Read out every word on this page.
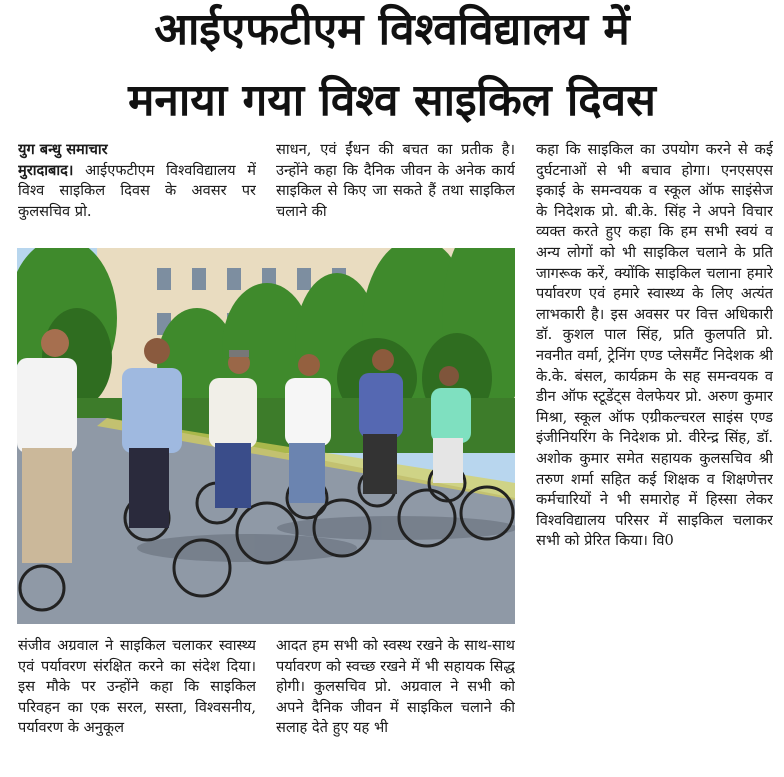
आईएफटीएम विश्वविद्यालय में
मनाया गया विश्व साइकिल दिवस

युग बन्धु समाचार
मुरादाबाद। आईएफटीएम विश्वविद्यालय में विश्व साइकिल दिवस के अवसर पर कुलसचिव प्रो.

साधन, एवं ईंधन की बचत का प्रतीक है। उन्होंने कहा कि दैनिक जीवन के अनेक कार्य साइकिल से किए जा सकते हैं तथा साइकिल चलाने की

कहा कि साइकिल का उपयोग करने से कई दुर्घटनाओं से भी बचाव होगा। एनएसएस इकाई के समन्वयक व स्कूल ऑफ साइंसेज के निदेशक प्रो. बी.के. सिंह ने अपने विचार व्यक्त करते हुए कहा कि हम सभी स्वयं व अन्य लोगों को भी साइकिल चलाने के प्रति जागरूक करें, क्योंकि साइकिल चलाना हमारे पर्यावरण एवं हमारे स्वास्थ्य के लिए अत्यंत लाभकारी है। इस अवसर पर वित्त अधिकारी डॉ. कुशल पाल सिंह, प्रति कुलपति प्रो. नवनीत वर्मा, ट्रेनिंग एण्ड प्लेसमैंट निदेशक श्री के.के. बंसल, कार्यक्रम के सह समन्वयक व डीन ऑफ स्टूडेंट्स वेलफेयर प्रो. अरुण कुमार मिश्रा, स्कूल ऑफ एग्रीकल्चरल साइंस एण्ड इंजीनियरिंग के निदेशक प्रो. वीरेन्द्र सिंह, डॉ. अशोक कुमार समेत सहायक कुलसचिव श्री तरुण शर्मा सहित कई शिक्षक व शिक्षणेत्तर कर्मचारियों ने भी समारोह में हिस्सा लेकर विश्वविद्यालय परिसर में साइकिल चलाकर सभी को प्रेरित किया। वि0

संजीव अग्रवाल ने साइकिल चलाकर स्वास्थ्य एवं पर्यावरण संरक्षित करने का संदेश दिया। इस मौके पर उन्होंने कहा कि साइकिल परिवहन का एक सरल, सस्ता, विश्वसनीय, पर्यावरण के अनुकूल

आदत हम सभी को स्वस्थ रखने के साथ-साथ पर्यावरण को स्वच्छ रखने में भी सहायक सिद्ध होगी। कुलसचिव प्रो. अग्रवाल ने सभी को अपने दैनिक जीवन में साइकिल चलाने की सलाह देते हुए यह भी
